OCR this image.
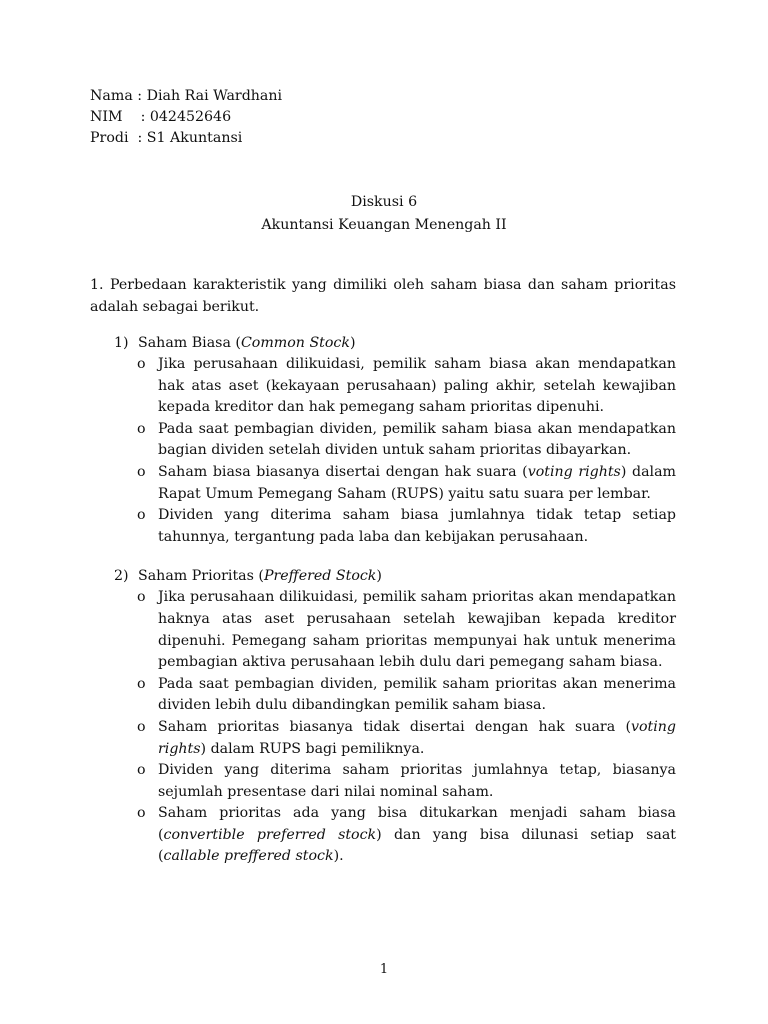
Nama : Diah Rai Wardhani
NIM    : 042452646
Prodi  : S1 Akuntansi
Diskusi 6
Akuntansi Keuangan Menengah II

1. Perbedaan karakteristik yang dimiliki oleh saham biasa dan saham prioritas adalah sebagai berikut.

1) Saham Biasa (Common Stock)
o Jika perusahaan dilikuidasi, pemilik saham biasa akan mendapatkan hak atas aset (kekayaan perusahaan) paling akhir, setelah kewajiban kepada kreditor dan hak pemegang saham prioritas dipenuhi.
o Pada saat pembagian dividen, pemilik saham biasa akan mendapatkan bagian dividen setelah dividen untuk saham prioritas dibayarkan.
o Saham biasa biasanya disertai dengan hak suara (voting rights) dalam Rapat Umum Pemegang Saham (RUPS) yaitu satu suara per lembar.
o Dividen yang diterima saham biasa jumlahnya tidak tetap setiap tahunnya, tergantung pada laba dan kebijakan perusahaan.
2) Saham Prioritas (Preffered Stock)
o Jika perusahaan dilikuidasi, pemilik saham prioritas akan mendapatkan haknya atas aset perusahaan setelah kewajiban kepada kreditor dipenuhi. Pemegang saham prioritas mempunyai hak untuk menerima pembagian aktiva perusahaan lebih dulu dari pemegang saham biasa.
o Pada saat pembagian dividen, pemilik saham prioritas akan menerima dividen lebih dulu dibandingkan pemilik saham biasa.
o Saham prioritas biasanya tidak disertai dengan hak suara (voting rights) dalam RUPS bagi pemiliknya.
o Dividen yang diterima saham prioritas jumlahnya tetap, biasanya sejumlah presentase dari nilai nominal saham.
o Saham prioritas ada yang bisa ditukarkan menjadi saham biasa (convertible preferred stock) dan yang bisa dilunasi setiap saat (callable preffered stock).
1
